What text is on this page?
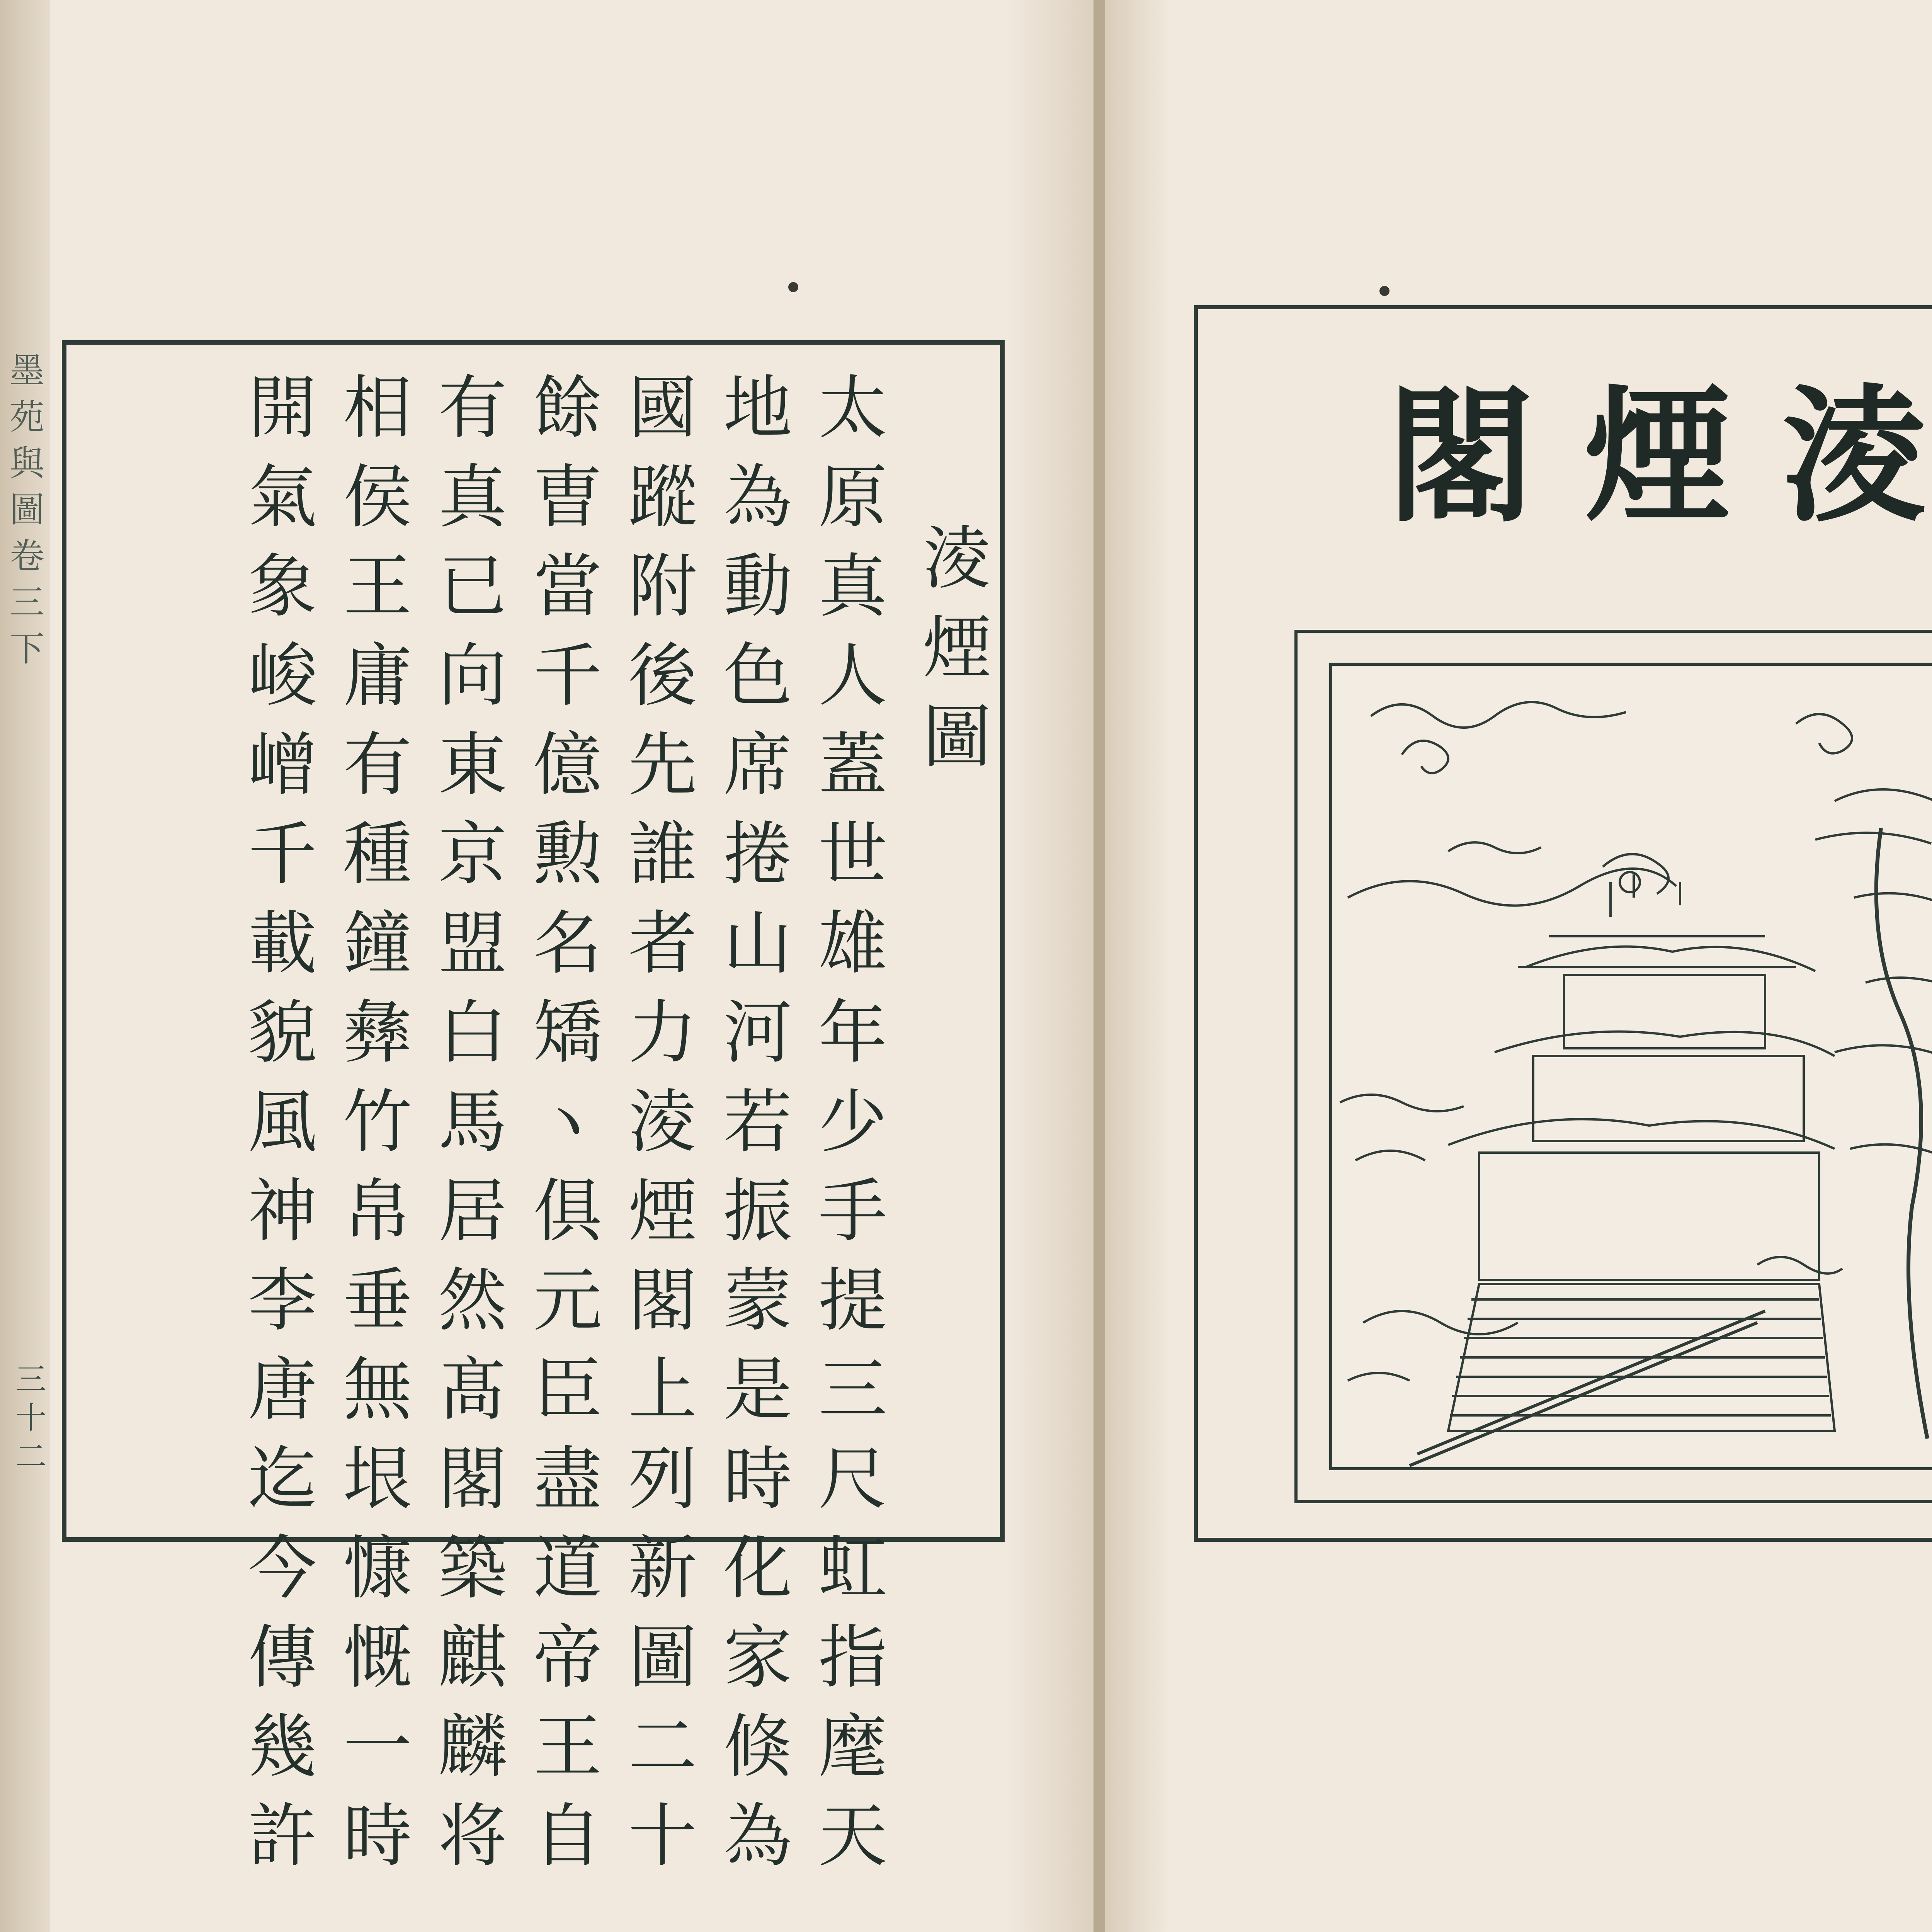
墨
苑
與
圖
卷
三
下
淩
煙
圖
太
原
真
人
蓋
世
雄
年
少
手
提
三
尺
虹
指
麾
天
地
為
動
色
席
捲
山
河
若
振
蒙
是
時
化
家
倏
為
國
蹤
附
後
先
誰
者
力
淩
煙
閣
上
列
新
圖
二
十
餘
曺
當
千
億
勲
名
矯
ヽ
俱
元
臣
盡
道
帝
王
自
有
真
已
向
東
京
盟
白
馬
居
然
髙
閣
築
麒
麟
将
相
侯
王
庸
有
種
鐘
彝
竹
帛
垂
無
垠
慷
慨
一
時
開
氣
象
峻
嶒
千
載
貌
風
神
李
唐
迄
今
傳
幾
許
淩
煙
閣
三十二
